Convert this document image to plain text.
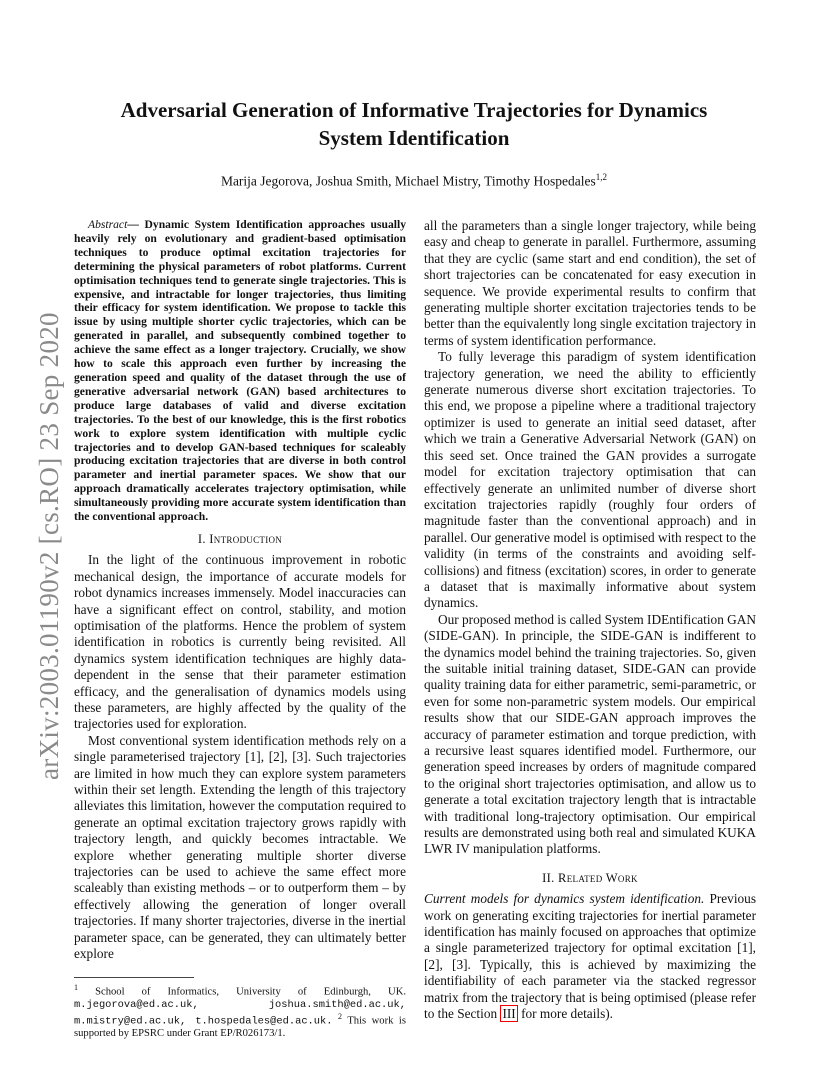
arXiv:2003.01190v2 [cs.RO] 23 Sep 2020
Adversarial Generation of Informative Trajectories for Dynamics System Identification
Marija Jegorova, Joshua Smith, Michael Mistry, Timothy Hospedales$^{1,2}$
Abstract— Dynamic System Identification approaches usually heavily rely on evolutionary and gradient-based optimisation techniques to produce optimal excitation trajectories for determining the physical parameters of robot platforms. Current optimisation techniques tend to generate single trajectories. This is expensive, and intractable for longer trajectories, thus limiting their efficacy for system identification. We propose to tackle this issue by using multiple shorter cyclic trajectories, which can be generated in parallel, and subsequently combined together to achieve the same effect as a longer trajectory. Crucially, we show how to scale this approach even further by increasing the generation speed and quality of the dataset through the use of generative adversarial network (GAN) based architectures to produce large databases of valid and diverse excitation trajectories. To the best of our knowledge, this is the first robotics work to explore system identification with multiple cyclic trajectories and to develop GAN-based techniques for scaleably producing excitation trajectories that are diverse in both control parameter and inertial parameter spaces. We show that our approach dramatically accelerates trajectory optimisation, while simultaneously providing more accurate system identification than the conventional approach.
I. Introduction

In the light of the continuous improvement in robotic mechanical design, the importance of accurate models for robot dynamics increases immensely. Model inaccuracies can have a significant effect on control, stability, and motion optimisation of the platforms. Hence the problem of system identification in robotics is currently being revisited. All dynamics system identification techniques are highly data-dependent in the sense that their parameter estimation efficacy, and the generalisation of dynamics models using these parameters, are highly affected by the quality of the trajectories used for exploration.

Most conventional system identification methods rely on a single parameterised trajectory [1], [2], [3]. Such trajectories are limited in how much they can explore system parameters within their set length. Extending the length of this trajectory alleviates this limitation, however the computation required to generate an optimal excitation trajectory grows rapidly with trajectory length, and quickly becomes intractable. We explore whether generating multiple shorter diverse trajectories can be used to achieve the same effect more scaleably than existing methods – or to outperform them – by effectively allowing the generation of longer overall trajectories. If many shorter trajectories, diverse in the inertial parameter space, can be generated, they can ultimately better explore

$^1$ School of Informatics, University of Edinburgh, UK. m.jegorova@ed.ac.uk, joshua.smith@ed.ac.uk, m.mistry@ed.ac.uk, t.hospedales@ed.ac.uk. $^2$ This work is supported by EPSRC under Grant EP/R026173/1.

all the parameters than a single longer trajectory, while being easy and cheap to generate in parallel. Furthermore, assuming that they are cyclic (same start and end condition), the set of short trajectories can be concatenated for easy execution in sequence. We provide experimental results to confirm that generating multiple shorter excitation trajectories tends to be better than the equivalently long single excitation trajectory in terms of system identification performance.

To fully leverage this paradigm of system identification trajectory generation, we need the ability to efficiently generate numerous diverse short excitation trajectories. To this end, we propose a pipeline where a traditional trajectory optimizer is used to generate an initial seed dataset, after which we train a Generative Adversarial Network (GAN) on this seed set. Once trained the GAN provides a surrogate model for excitation trajectory optimisation that can effectively generate an unlimited number of diverse short excitation trajectories rapidly (roughly four orders of magnitude faster than the conventional approach) and in parallel. Our generative model is optimised with respect to the validity (in terms of the constraints and avoiding self-collisions) and fitness (excitation) scores, in order to generate a dataset that is maximally informative about system dynamics.

Our proposed method is called System IDEntification GAN (SIDE-GAN). In principle, the SIDE-GAN is indifferent to the dynamics model behind the training trajectories. So, given the suitable initial training dataset, SIDE-GAN can provide quality training data for either parametric, semi-parametric, or even for some non-parametric system models. Our empirical results show that our SIDE-GAN approach improves the accuracy of parameter estimation and torque prediction, with a recursive least squares identified model. Furthermore, our generation speed increases by orders of magnitude compared to the original short trajectories optimisation, and allow us to generate a total excitation trajectory length that is intractable with traditional long-trajectory optimisation. Our empirical results are demonstrated using both real and simulated KUKA LWR IV manipulation platforms.

II. Related Work

Current models for dynamics system identification. Previous work on generating exciting trajectories for inertial parameter identification has mainly focused on approaches that optimize a single parameterized trajectory for optimal excitation [1], [2], [3]. Typically, this is achieved by maximizing the identifiability of each parameter via the stacked regressor matrix from the trajectory that is being optimised (please refer to the Section III for more details).
